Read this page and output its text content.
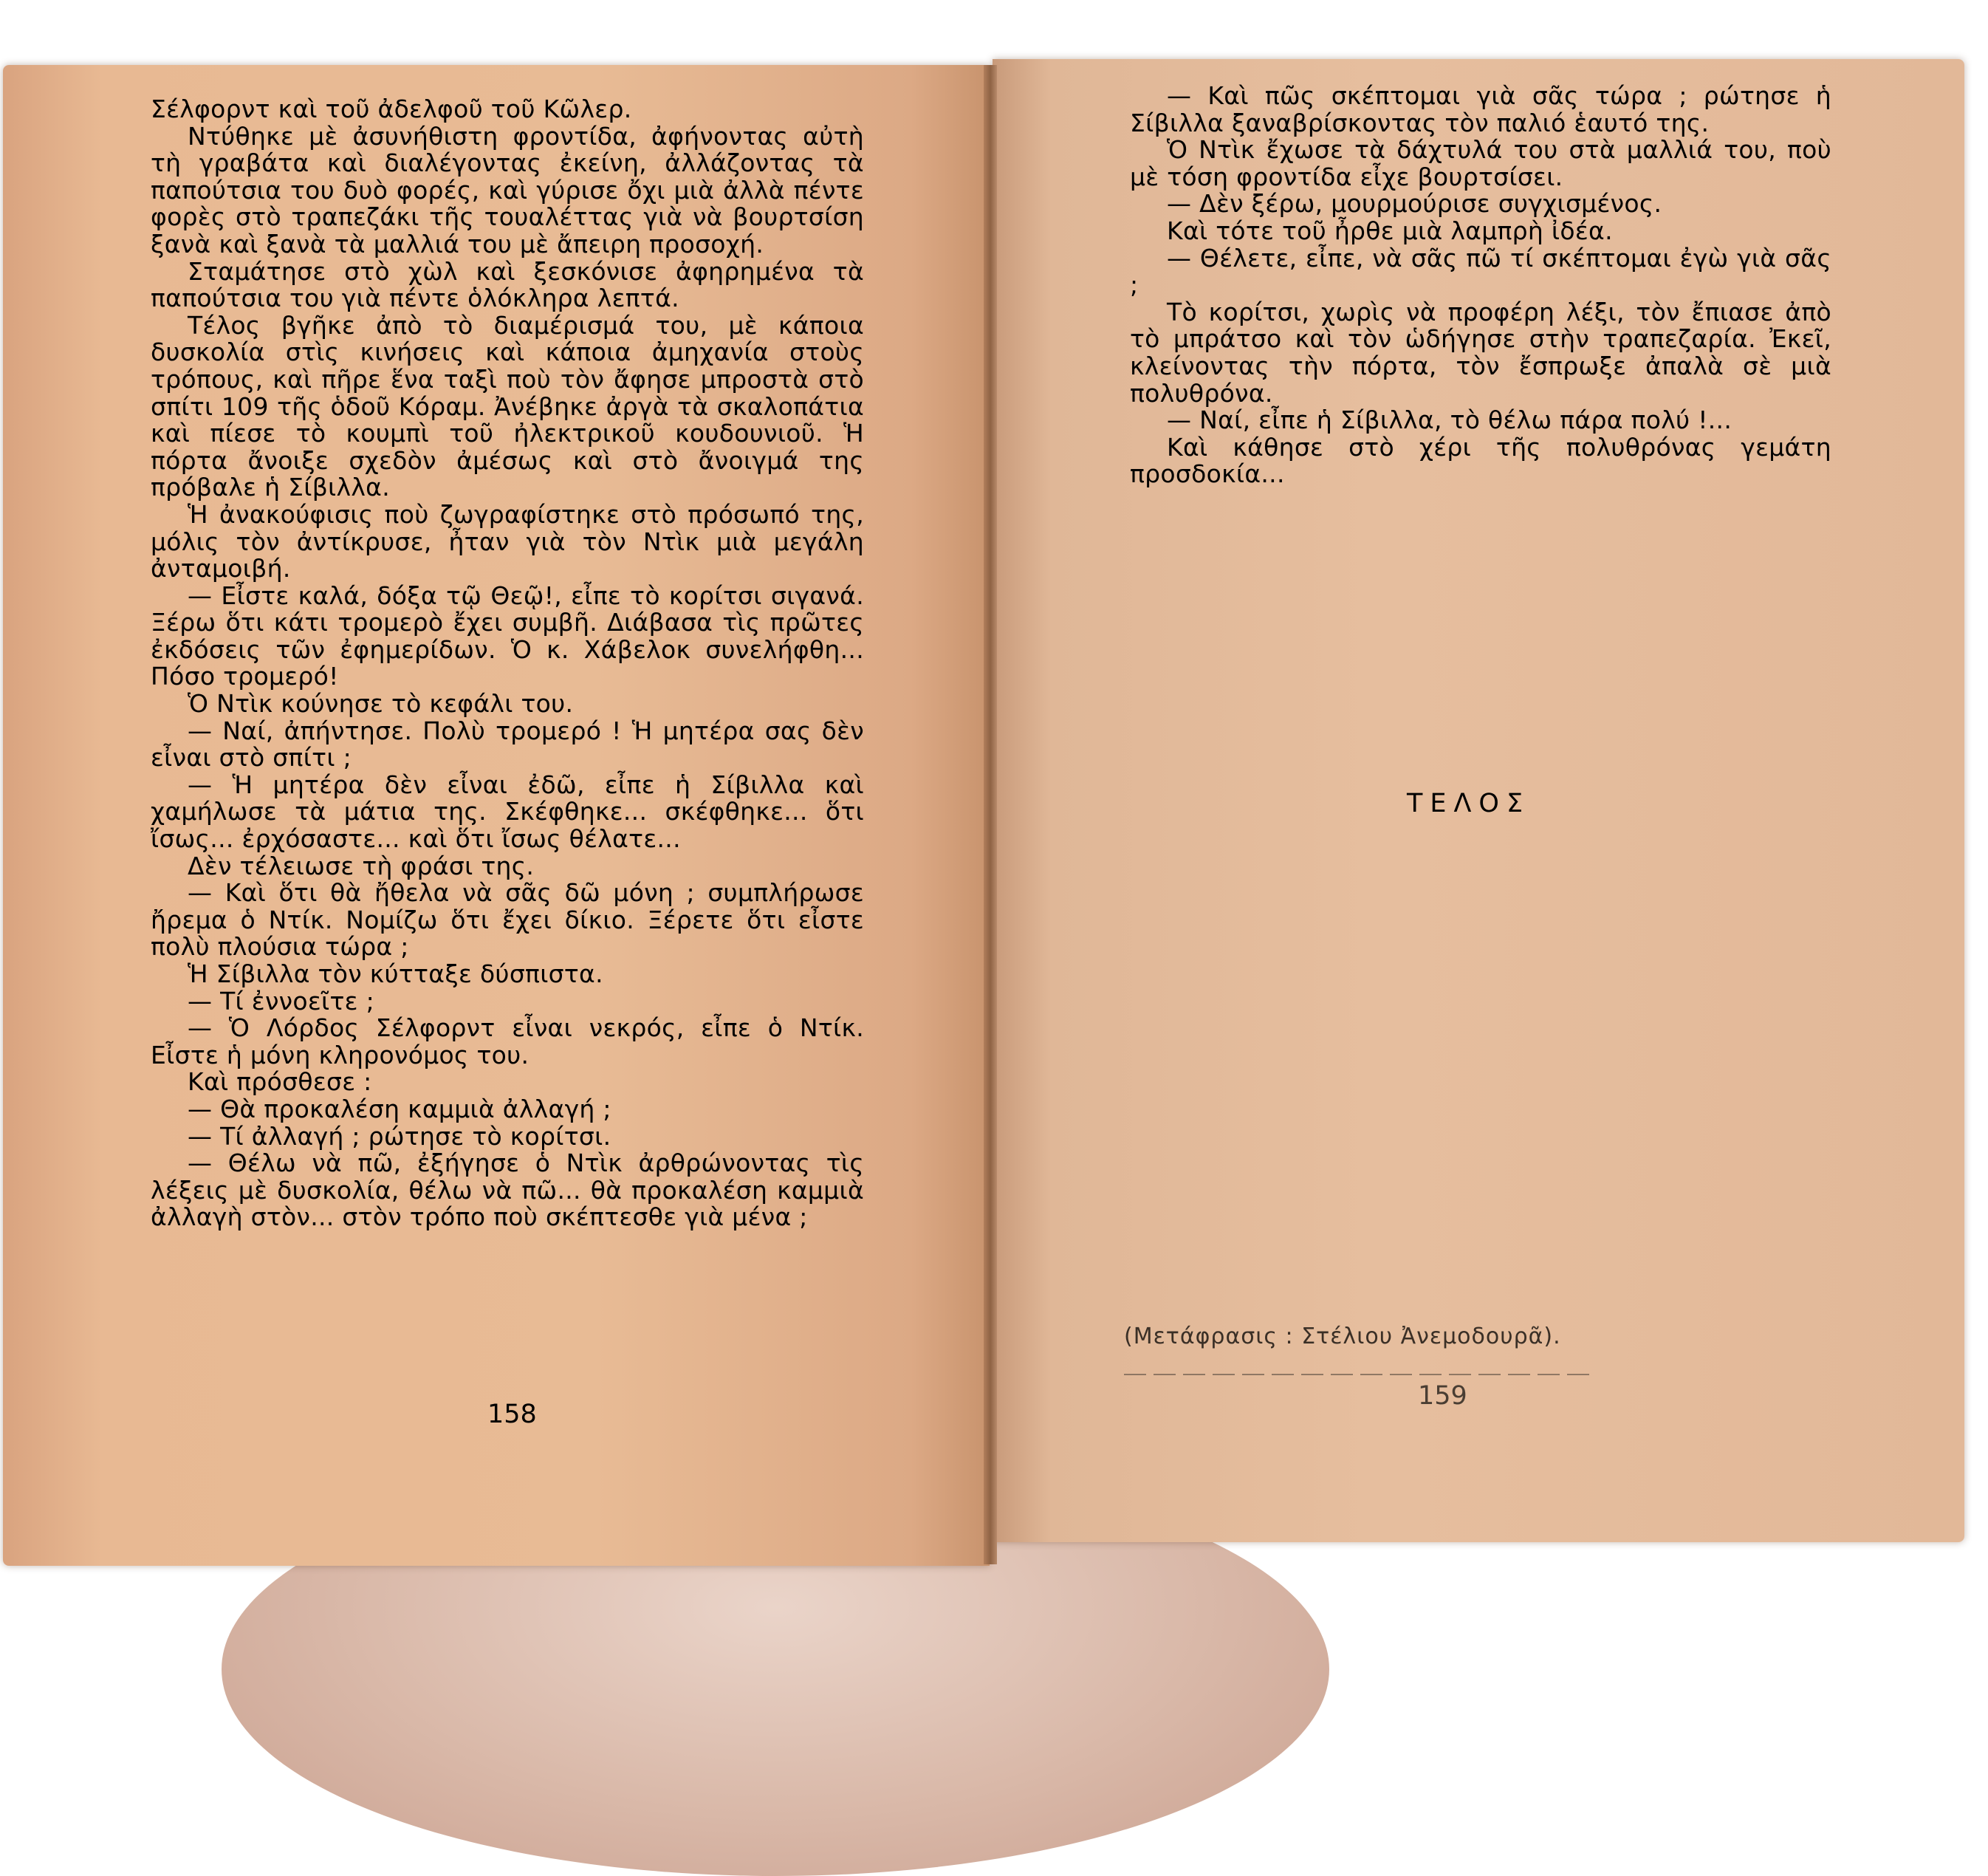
Σέλφορντ καὶ τοῦ ἀδελφοῦ τοῦ Κῶλερ.

Ντύθηκε μὲ ἀσυνήθιστη φροντίδα, ἀφήνοντας αὐτὴ τὴ γραβάτα καὶ διαλέγοντας ἐκείνη, ἀλλάζοντας τὰ παπούτσια του δυὸ φορές, καὶ γύρισε ὄχι μιὰ ἀλλὰ πέντε φορὲς στὸ τραπεζάκι τῆς τουαλέττας γιὰ νὰ βουρτσίση ξανὰ καὶ ξανὰ τὰ μαλλιά του μὲ ἄπειρη προσοχή.

Σταμάτησε στὸ χὼλ καὶ ξεσκόνισε ἀφηρημένα τὰ παπούτσια του γιὰ πέντε ὁλόκληρα λεπτά.

Τέλος βγῆκε ἀπὸ τὸ διαμέρισμά του, μὲ κάποια δυσκολία στὶς κινήσεις καὶ κάποια ἀμηχανία στοὺς τρόπους, καὶ πῆρε ἕνα ταξὶ ποὺ τὸν ἄφησε μπροστὰ στὸ σπίτι 109 τῆς ὁδοῦ Κόραμ. Ἀνέβηκε ἀργὰ τὰ σκαλοπάτια καὶ πίεσε τὸ κουμπὶ τοῦ ἠλεκτρικοῦ κουδουνιοῦ. Ἡ πόρτα ἄνοιξε σχεδὸν ἀμέσως καὶ στὸ ἄνοιγμά της πρόβαλε ἡ Σίβιλλα.

Ἡ ἀνακούφισις ποὺ ζωγραφίστηκε στὸ πρόσωπό της, μόλις τὸν ἀντίκρυσε, ἦταν γιὰ τὸν Ντὶκ μιὰ μεγάλη ἀνταμοιβή.

— Εἶστε καλά, δόξα τῷ Θεῷ!, εἶπε τὸ κορίτσι σιγανά. Ξέρω ὅτι κάτι τρομερὸ ἔχει συμβῆ. Διάβασα τὶς πρῶτες ἐκδόσεις τῶν ἐφημερίδων. Ὁ κ. Χάβελοκ συνελήφθη... Πόσο τρομερό!

Ὁ Ντὶκ κούνησε τὸ κεφάλι του.

— Ναί, ἀπήντησε. Πολὺ τρομερό ! Ἡ μητέρα σας δὲν εἶναι στὸ σπίτι ;

— Ἡ μητέρα δὲν εἶναι ἐδῶ, εἶπε ἡ Σίβιλλα καὶ χαμήλωσε τὰ μάτια της. Σκέφθηκε... σκέφθηκε... ὅτι ἴσως... ἐρχόσαστε... καὶ ὅτι ἴσως θέλατε...

Δὲν τέλειωσε τὴ φράσι της.

— Καὶ ὅτι θὰ ἤθελα νὰ σᾶς δῶ μόνη ; συμπλήρωσε ἤρεμα ὁ Ντίκ. Νομίζω ὅτι ἔχει δίκιο. Ξέρετε ὅτι εἶστε πολὺ πλούσια τώρα ;

Ἡ Σίβιλλα τὸν κύτταξε δύσπιστα.

— Τί ἐννοεῖτε ;

— Ὁ Λόρδος Σέλφορντ εἶναι νεκρός, εἶπε ὁ Ντίκ. Εἶστε ἡ μόνη κληρονόμος του.

Καὶ πρόσθεσε :

— Θὰ προκαλέση καμμιὰ ἀλλαγή ;

— Τί ἀλλαγή ; ρώτησε τὸ κορίτσι.

— Θέλω νὰ πῶ, ἐξήγησε ὁ Ντὶκ ἀρθρώνοντας τὶς λέξεις μὲ δυσκολία, θέλω νὰ πῶ... θὰ προκαλέση καμμιὰ ἀλλαγὴ στὸν... στὸν τρόπο ποὺ σκέπτεσθε γιὰ μένα ;

158

— Καὶ πῶς σκέπτομαι γιὰ σᾶς τώρα ; ρώτησε ἡ Σίβιλλα ξαναβρίσκοντας τὸν παλιό ἑαυτό της.

Ὁ Ντὶκ ἔχωσε τὰ δάχτυλά του στὰ μαλλιά του, ποὺ μὲ τόση φροντίδα εἶχε βουρτσίσει.

— Δὲν ξέρω, μουρμούρισε συγχισμένος.

Καὶ τότε τοῦ ἦρθε μιὰ λαμπρὴ ἰδέα.

— Θέλετε, εἶπε, νὰ σᾶς πῶ τί σκέπτομαι ἐγὼ γιὰ σᾶς ;

Τὸ κορίτσι, χωρὶς νὰ προφέρη λέξι, τὸν ἔπιασε ἀπὸ τὸ μπράτσο καὶ τὸν ὡδήγησε στὴν τραπεζαρία. Ἐκεῖ, κλείνοντας τὴν πόρτα, τὸν ἔσπρωξε ἀπαλὰ σὲ μιὰ πολυθρόνα.

— Ναί, εἶπε ἡ Σίβιλλα, τὸ θέλω πάρα πολύ !...

Καὶ κάθησε στὸ χέρι τῆς πολυθρόνας γεμάτη προσδοκία...

ΤΕΛΟΣ
(Μετάφρασις : Στέλιου Ἀνεμοδουρᾶ).
159
